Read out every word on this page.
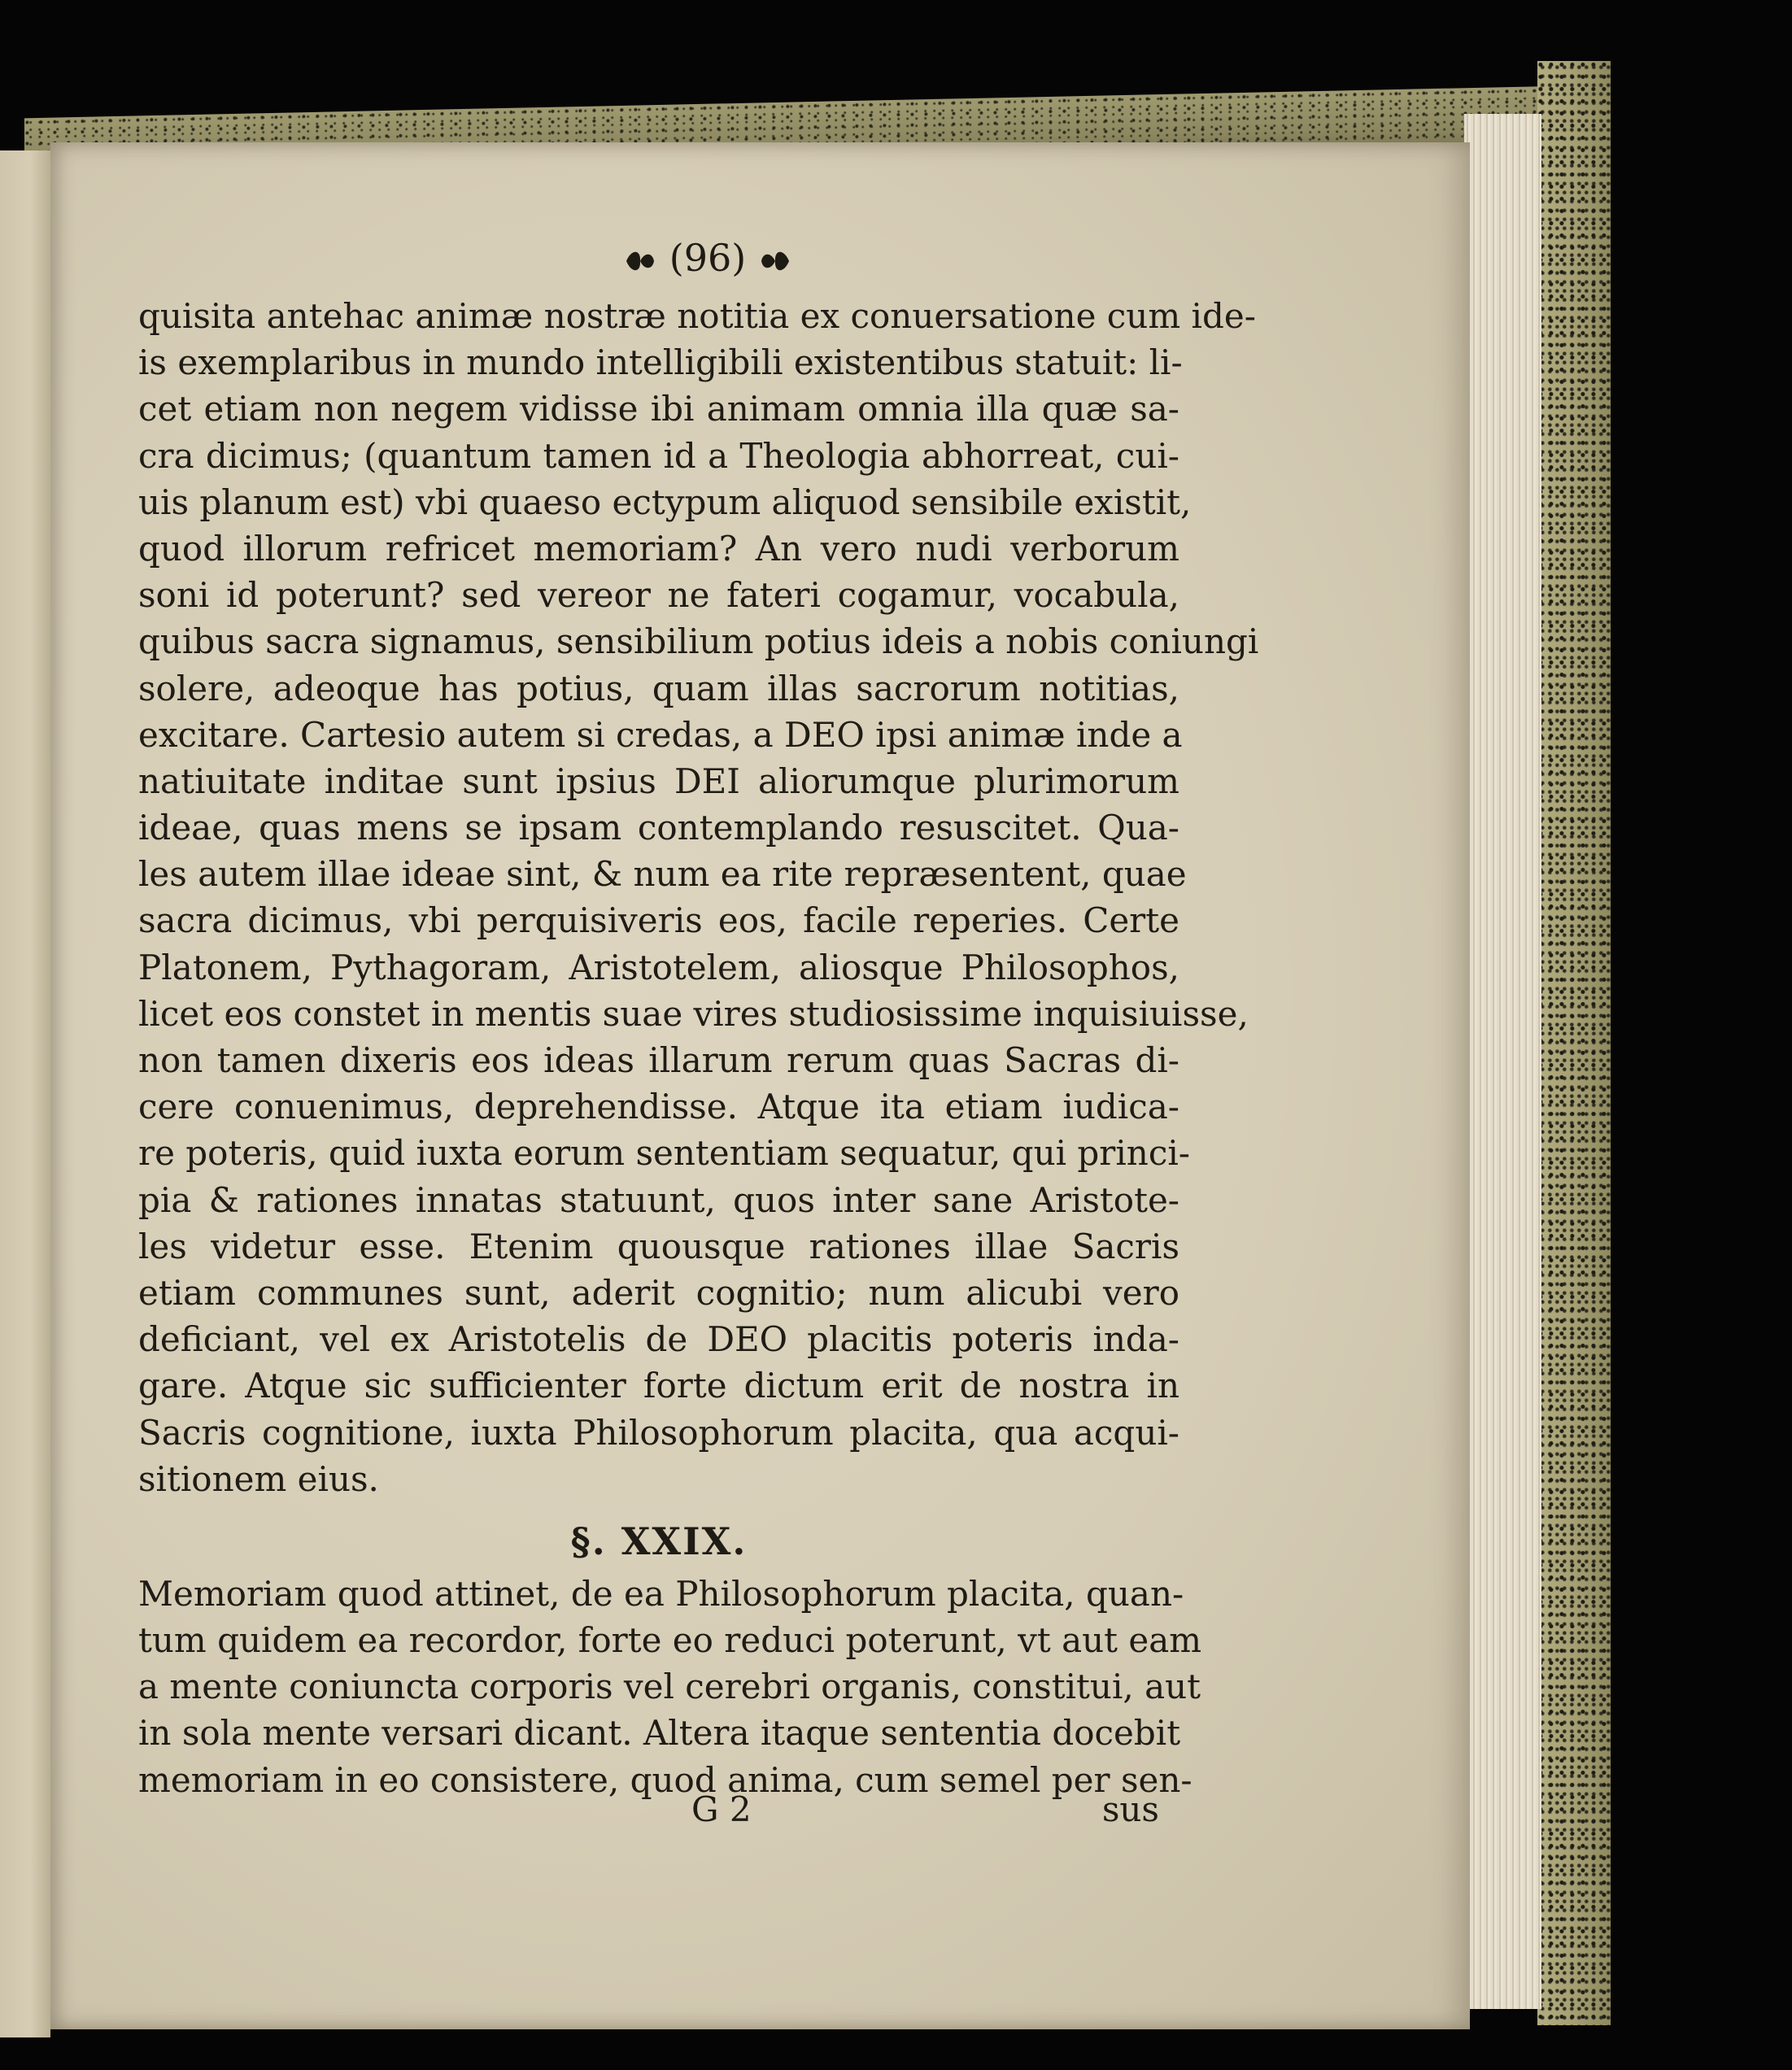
(96)
quisita antehac animæ nostræ notitia ex conuersatione cum ide-
is exemplaribus in mundo intelligibili existentibus statuit: li-
cet etiam non negem vidisse ibi animam omnia illa quæ sa-
cra dicimus; (quantum tamen id a Theologia abhorreat, cui-
uis planum est) vbi quaeso ectypum aliquod sensibile existit,
quod illorum refricet memoriam? An vero nudi verborum
soni id poterunt? sed vereor ne fateri cogamur, vocabula,
quibus sacra signamus, sensibilium potius ideis a nobis coniungi
solere, adeoque has potius, quam illas sacrorum notitias,
excitare. Cartesio autem si credas, a DEO ipsi animæ inde a
natiuitate inditae sunt ipsius DEI aliorumque plurimorum
ideae, quas mens se ipsam contemplando resuscitet. Qua-
les autem illae ideae sint, & num ea rite repræsentent, quae
sacra dicimus, vbi perquisiveris eos, facile reperies. Certe
Platonem, Pythagoram, Aristotelem, aliosque Philosophos,
licet eos constet in mentis suae vires studiosissime inquisiuisse,
non tamen dixeris eos ideas illarum rerum quas Sacras di-
cere conuenimus, deprehendisse. Atque ita etiam iudica-
re poteris, quid iuxta eorum sententiam sequatur, qui princi-
pia & rationes innatas statuunt, quos inter sane Aristote-
les videtur esse. Etenim quousque rationes illae Sacris
etiam communes sunt, aderit cognitio; num alicubi vero
deficiant, vel ex Aristotelis de DEO placitis poteris inda-
gare. Atque sic sufficienter forte dictum erit de nostra in
Sacris cognitione, iuxta Philosophorum placita, qua acqui-
sitionem eius.
§. XXIX.
Memoriam quod attinet, de ea Philosophorum placita, quan-
tum quidem ea recordor, forte eo reduci poterunt, vt aut eam
a mente coniuncta corporis vel cerebri organis, constitui, aut
in sola mente versari dicant. Altera itaque sententia docebit
memoriam in eo consistere, quod anima, cum semel per sen-
G 2	sus
